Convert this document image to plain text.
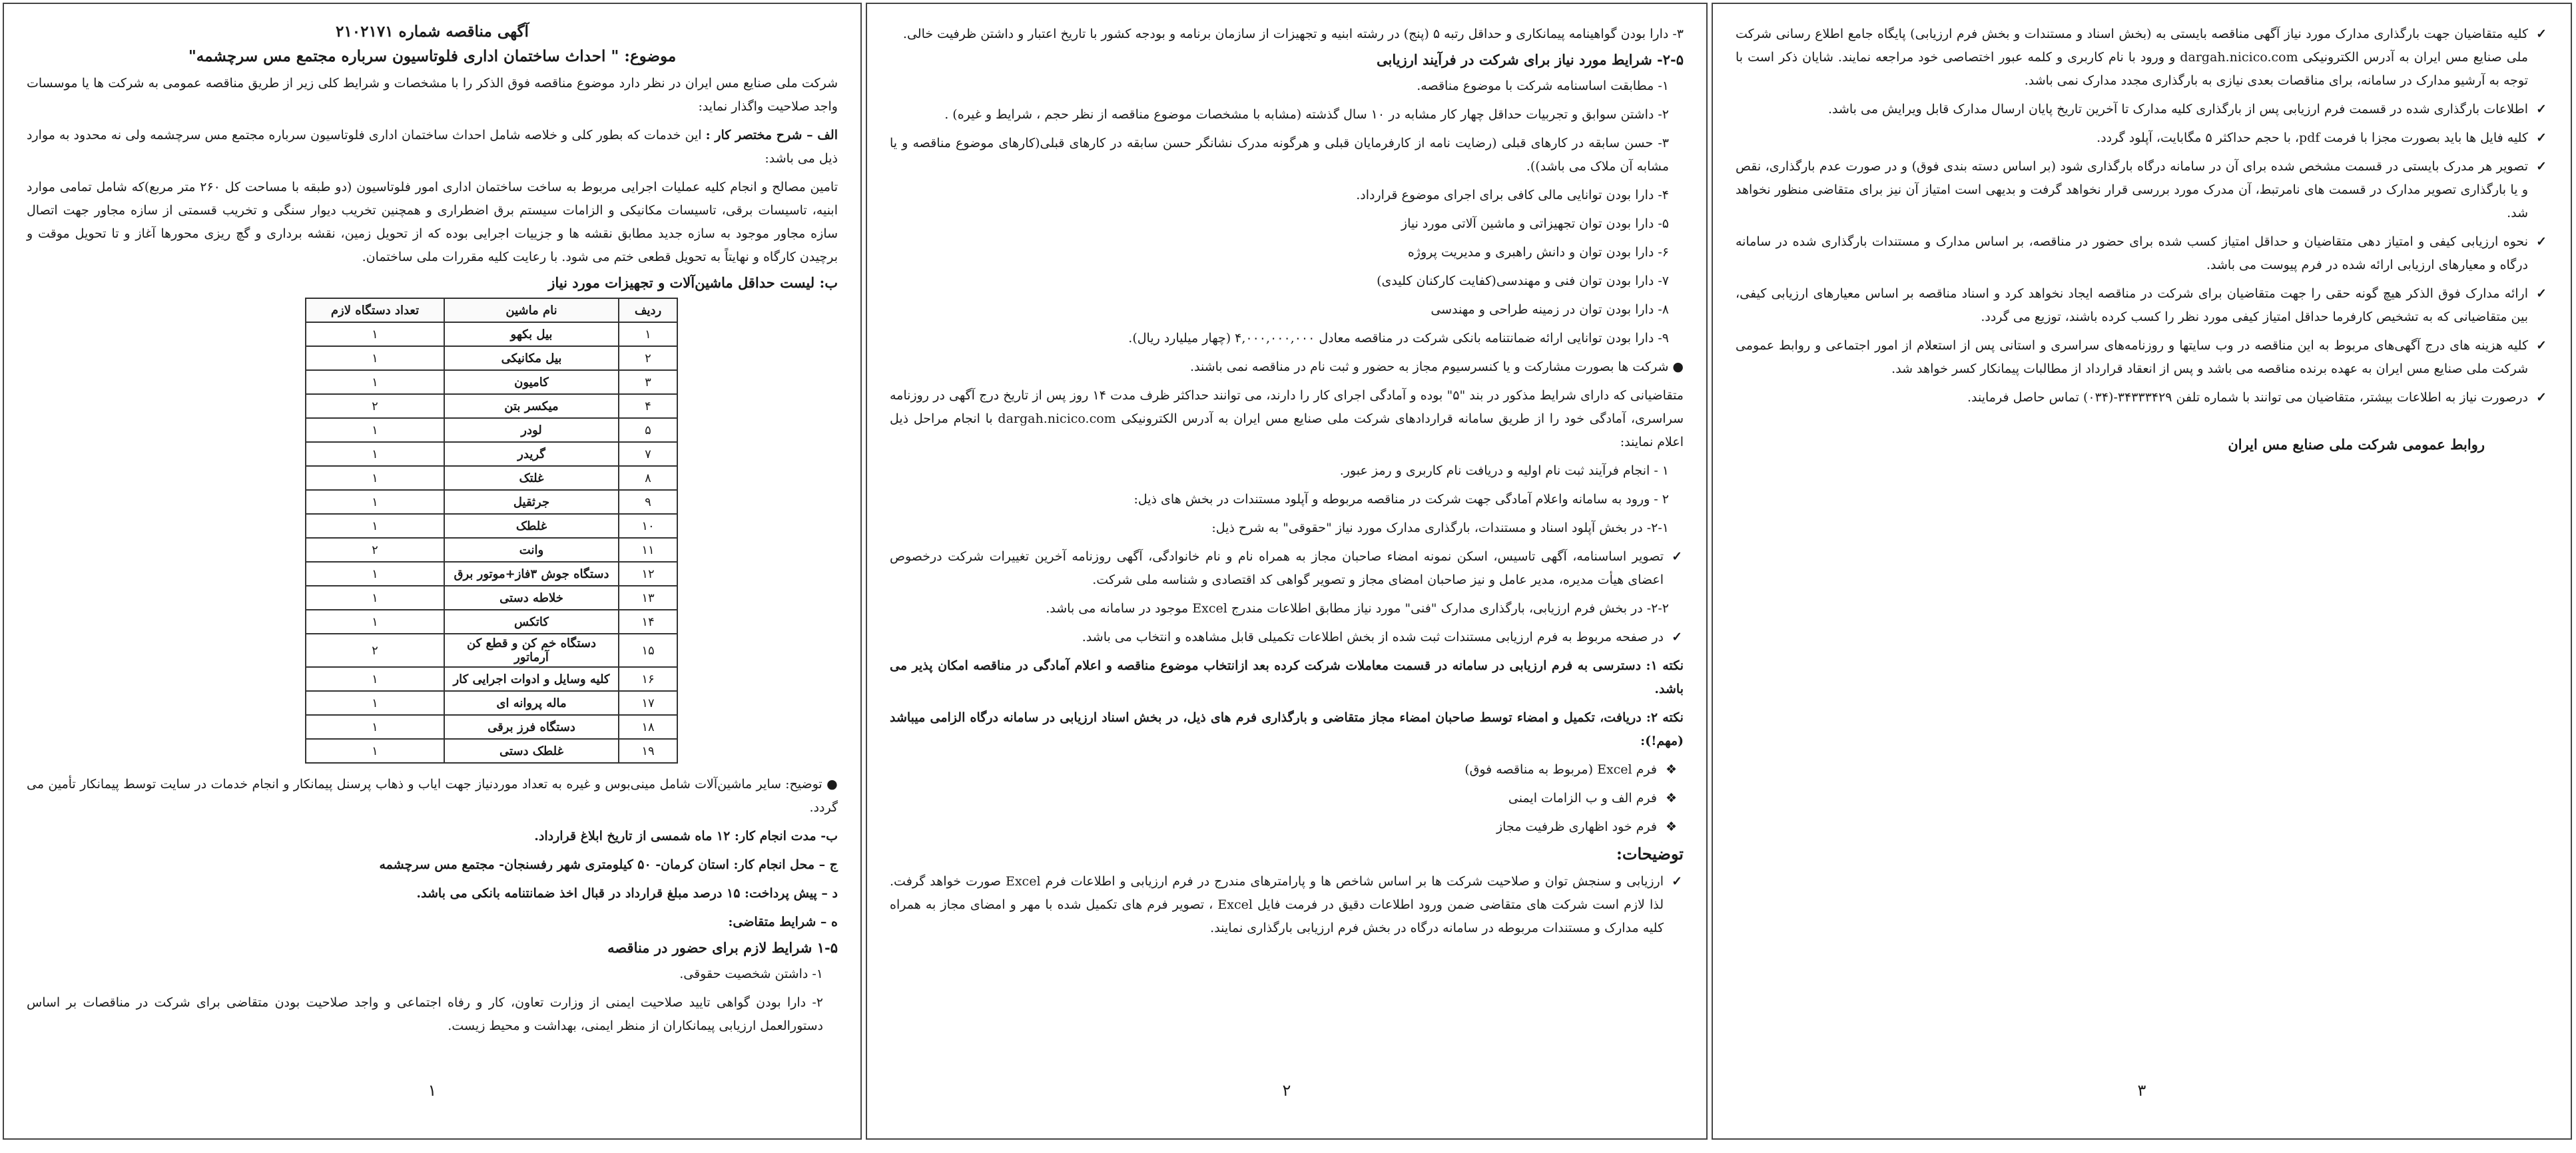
آگهی مناقصه شماره ۲۱۰۲۱۷۱
موضوع: " احداث ساختمان اداری فلوتاسیون سرباره مجتمع مس سرچشمه"

شرکت ملی صنایع مس ایران در نظر دارد موضوع مناقصه فوق الذکر را با مشخصات و شرایط کلی زیر از طریق مناقصه عمومی به شرکت ها یا موسسات واجد صلاحیت واگذار نماید:

الف – شرح مختصر کار : این خدمات که بطور کلی و خلاصه شامل احداث ساختمان اداری فلوتاسیون سرباره مجتمع مس سرچشمه ولی نه محدود به موارد ذیل می باشد:

تامین مصالح و انجام کلیه عملیات اجرایی مربوط به ساخت ساختمان اداری امور فلوتاسیون (دو طبقه با مساحت کل ۲۶۰ متر مربع)که شامل تمامی موارد ابنیه، تاسیسات برقی، تاسیسات مکانیکی و الزامات سیستم برق اضطراری و همچنین تخریب دیوار سنگی و تخریب قسمتی از سازه مجاور جهت اتصال سازه مجاور موجود به سازه جدید مطابق نقشه ها و جزییات اجرایی بوده که از تحویل زمین، نقشه برداری و گچ ریزی محورها آغاز و تا تحویل موقت و برچیدن کارگاه و نهایتاً به تحویل قطعی ختم می شود. با رعایت کلیه مقررات ملی ساختمان.

ب: لیست حداقل ماشین‌آلات و تجهیزات مورد نیاز
ردیف	نام ماشین	تعداد دستگاه لازم
۱	بیل بکهو	۱
۲	بیل مکانیکی	۱
۳	کامیون	۱
۴	میکسر بتن	۲
۵	لودر	۱
۷	گریدر	۱
۸	غلتک	۱
۹	جرثقیل	۱
۱۰	غلطک	۱
۱۱	وانت	۲
۱۲	دستگاه جوش ۳فاز+موتور برق	۱
۱۳	خلاطه دستی	۱
۱۴	کاتکس	۱
۱۵	دستگاه خم کن و قطع کن آرماتور	۲
۱۶	کلیه وسایل و ادوات اجرایی کار	۱
۱۷	ماله پروانه ای	۱
۱۸	دستگاه فرز برقی	۱
۱۹	غلطک دستی	۱

● توضیح: سایر ماشین‌آلات شامل مینی‌بوس و غیره به تعداد موردنیاز جهت ایاب و ذهاب پرسنل پیمانکار و انجام خدمات در سایت توسط پیمانکار تأمین می گردد.

ب- مدت انجام کار: ۱۲ ماه شمسی از تاریخ ابلاغ قرارداد.

ج – محل انجام کار: استان کرمان- ۵۰ کیلومتری شهر رفسنجان- مجتمع مس سرچشمه

د – پیش پرداخت: ۱۵ درصد مبلغ قرارداد در قبال اخذ ضمانتنامه بانکی می باشد.

ه – شرایط متقاضی:

۱-۵ شرایط لازم برای حضور در مناقصه

۱- داشتن شخصیت حقوقی.

۲- دارا بودن گواهی تایید صلاحیت ایمنی از وزارت تعاون، کار و رفاه اجتماعی و واجد صلاحیت بودن متقاضی برای شرکت در مناقصات بر اساس دستورالعمل ارزیابی پیمانکاران از منظر ایمنی، بهداشت و محیط زیست.

۱

۳- دارا بودن گواهینامه پیمانکاری و حداقل رتبه ۵ (پنج) در رشته ابنیه و تجهیزات از سازمان برنامه و بودجه کشور با تاریخ اعتبار و داشتن ظرفیت خالی.

۲-۵- شرایط مورد نیاز برای شرکت در فرآیند ارزیابی

۱- مطابقت اساسنامه شرکت با موضوع مناقصه.

۲- داشتن سوابق و تجربیات حداقل چهار کار مشابه در ۱۰ سال گذشته (مشابه با مشخصات موضوع مناقصه از نظر حجم ، شرایط و غیره) .

۳- حسن سابقه در کارهای قبلی (رضایت نامه از کارفرمایان قبلی و هرگونه مدرک نشانگر حسن سابقه در کارهای قبلی(کارهای موضوع مناقصه و یا مشابه آن ملاک می باشد)).

۴- دارا بودن توانایی مالی کافی برای اجرای موضوع قرارداد.

۵- دارا بودن توان تجهیزاتی و ماشین آلاتی مورد نیاز

۶- دارا بودن توان و دانش راهبری و مدیریت پروژه

۷- دارا بودن توان فنی و مهندسی(کفایت کارکنان کلیدی)

۸- دارا بودن توان در زمینه طراحی و مهندسی

۹- دارا بودن توانایی ارائه ضمانتنامه بانکی شرکت در مناقصه معادل ۴,۰۰۰,۰۰۰,۰۰۰ (چهار میلیارد ریال).

● شرکت ها بصورت مشارکت و یا کنسرسیوم مجاز به حضور و ثبت نام در مناقصه نمی باشند.

متقاضیانی که دارای شرایط مذکور در بند "۵" بوده و آمادگی اجرای کار را دارند، می توانند حداکثر ظرف مدت ۱۴ روز پس از تاریخ درج آگهی در روزنامه سراسری، آمادگی خود را از طریق سامانه قراردادهای شرکت ملی صنایع مس ایران به آدرس الکترونیکی dargah.nicico.com با انجام مراحل ذیل اعلام نمایند:

۱ - انجام فرآیند ثبت نام اولیه و دریافت نام کاربری و رمز عبور.

۲ - ورود به سامانه واعلام آمادگی جهت شرکت در مناقصه مربوطه و آپلود مستندات در بخش های ذیل:

۲-۱- در بخش آپلود اسناد و مستندات، بارگذاری مدارک مورد نیاز "حقوقی" به شرح ذیل:

✓
تصویر اساسنامه، آگهی تاسیس، اسکن نمونه امضاء صاحبان مجاز به همراه نام و نام خانوادگی، آگهی روزنامه آخرین تغییرات شرکت درخصوص اعضای هیأت مدیره، مدیر عامل و نیز صاحبان امضای مجاز و تصویر گواهی کد اقتصادی و شناسه ملی شرکت.

۲-۲- در بخش فرم ارزیابی، بارگذاری مدارک "فنی" مورد نیاز مطابق اطلاعات مندرج Excel موجود در سامانه می باشد.

✓
در صفحه مربوط به فرم ارزیابی مستندات ثبت شده از بخش اطلاعات تکمیلی قابل مشاهده و انتخاب می باشد.

نکته ۱: دسترسی به فرم ارزیابی در سامانه در قسمت معاملات شرکت کرده بعد ازانتخاب موضوع مناقصه و اعلام آمادگی در مناقصه امکان پذیر می باشد.

نکته ۲: دریافت، تکمیل و امضاء توسط صاحبان امضاء مجاز متقاضی و بارگذاری فرم های ذیل، در بخش اسناد ارزیابی در سامانه درگاه الزامی میباشد (مهم!):

❖
فرم Excel (مربوط به مناقصه فوق)

❖
فرم الف و ب الزامات ایمنی

❖
فرم خود اظهاری ظرفیت مجاز

توضیحات:

✓
ارزیابی و سنجش توان و صلاحیت شرکت ها بر اساس شاخص ها و پارامترهای مندرج در فرم ارزیابی و اطلاعات فرم Excel صورت خواهد گرفت. لذا لازم است شرکت های متقاضی ضمن ورود اطلاعات دقیق در فرمت فایل Excel ، تصویر فرم های تکمیل شده با مهر و امضای مجاز به همراه کلیه مدارک و مستندات مربوطه در سامانه درگاه در بخش فرم ارزیابی بارگذاری نمایند.

۲

✓
کلیه متقاضیان جهت بارگذاری مدارک مورد نیاز آگهی مناقصه بایستی به (بخش اسناد و مستندات و بخش فرم ارزیابی) پایگاه جامع اطلاع رسانی شرکت ملی صنایع مس ایران به آدرس الکترونیکی dargah.nicico.com و ورود با نام کاربری و کلمه عبور اختصاصی خود مراجعه نمایند. شایان ذکر است با توجه به آرشیو مدارک در سامانه، برای مناقصات بعدی نیازی به بارگذاری مجدد مدارک نمی باشد.

✓
اطلاعات بارگذاری شده در قسمت فرم ارزیابی پس از بارگذاری کلیه مدارک تا آخرین تاریخ پایان ارسال مدارک قابل ویرایش می باشد.

✓
کلیه فایل ها باید بصورت مجزا با فرمت pdf، با حجم حداکثر ۵ مگابایت، آپلود گردد.

✓
تصویر هر مدرک بایستی در قسمت مشخص شده برای آن در سامانه درگاه بارگذاری شود (بر اساس دسته بندی فوق) و در صورت عدم بارگذاری، نقص و یا بارگذاری تصویر مدارک در قسمت های نامرتبط، آن مدرک مورد بررسی قرار نخواهد گرفت و بدیهی است امتیاز آن نیز برای متقاضی منظور نخواهد شد.

✓
نحوه ارزیابی کیفی و امتیاز دهی متقاضیان و حداقل امتیاز کسب شده برای حضور در مناقصه، بر اساس مدارک و مستندات بارگذاری شده در سامانه درگاه و معیارهای ارزیابی ارائه شده در فرم پیوست می باشد.

✓
ارائه مدارک فوق الذکر هیچ گونه حقی را جهت متقاضیان برای شرکت در مناقصه ایجاد نخواهد کرد و اسناد مناقصه بر اساس معیارهای ارزیابی کیفی، بین متقاضیانی که به تشخیص کارفرما حداقل امتیاز کیفی مورد نظر را کسب کرده باشند، توزیع می گردد.

✓
کلیه هزینه های درج آگهی‌های مربوط به این مناقصه در وب سایتها و روزنامه‌های سراسری و استانی پس از استعلام از امور اجتماعی و روابط عمومی شرکت ملی صنایع مس ایران به عهده برنده مناقصه می باشد و پس از انعقاد قرارداد از مطالبات پیمانکار کسر خواهد شد.

✓
درصورت نیاز به اطلاعات بیشتر، متقاضیان می توانند با شماره تلفن ۳۴۳۳۳۴۲۹-(۰۳۴) تماس حاصل فرمایند.

روابط عمومی شرکت ملی صنایع مس ایران
۳
